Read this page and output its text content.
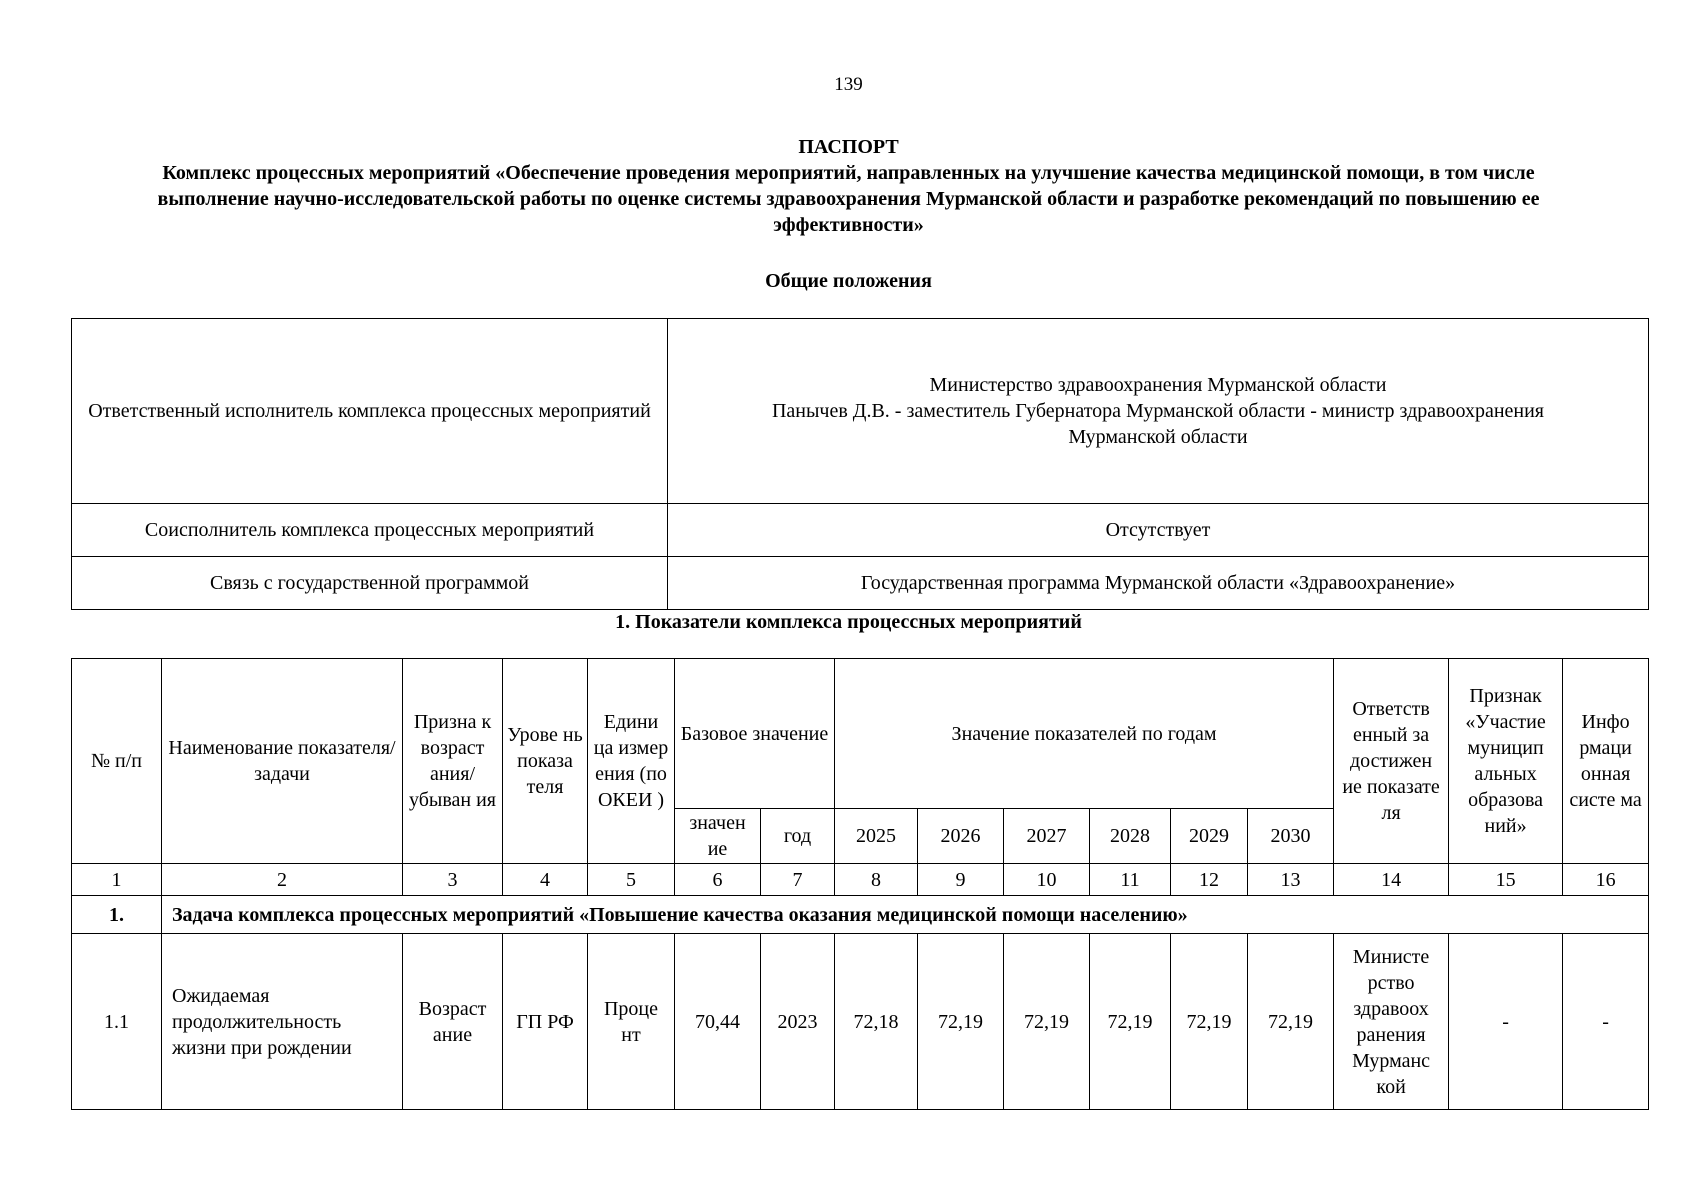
139
ПАСПОРТ
Комплекс процессных мероприятий «Обеспечение проведения мероприятий, направленных на улучшение качества медицинской помощи, в том числе
выполнение научно-исследовательской работы по оценке системы здравоохранения Мурманской области и разработке рекомендаций по повышению ее
эффективности»
Общие положения
Ответственный исполнитель комплекса процессных мероприятий	Министерство здравоохранения Мурманской области
Панычев Д.В. - заместитель Губернатора Мурманской области - министр здравоохранения
Мурманской области

Соисполнитель комплекса процессных мероприятий	Отсутствует
Связь с государственной программой	Государственная программа Мурманской области «Здравоохранение»
1. Показатели комплекса процессных мероприятий
№ п/п	Наименование показателя/задачи	Призна к возраст ания/ убыван ия	Урове нь показа теля	Едини ца измер ения (по ОКЕИ )	Базовое значение		Значение показателей по годам						Ответств енный за достижен ие показате ля	Признак «Участие муницип альных образова ний»	Инфо рмаци онная систе ма
					значен ие	год	2025	2026	2027	2028	2029	2030			
1	2	3	4	5	6	7	8	9	10	11	12	13	14	15	16
1.	Задача комплекса процессных мероприятий «Повышение качества оказания медицинской помощи населению»														
1.1	Ожидаемая продолжительность жизни при рождении	Возраст ание	ГП РФ	Проце нт	70,44	2023	72,18	72,19	72,19	72,19	72,19	72,19	Министе рство здравоох ранения Мурманс кой	-	-
